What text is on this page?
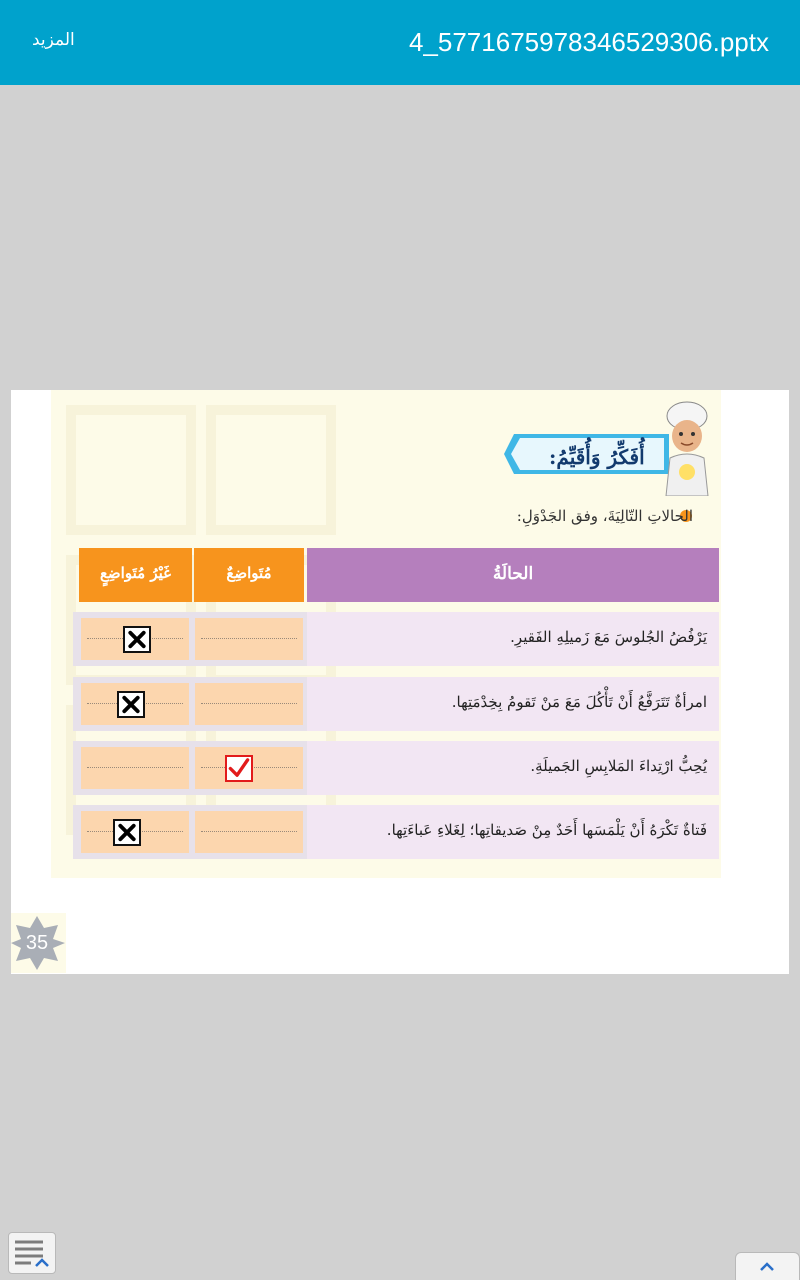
المزيد	4_5771675978346529306.pptx
أُفَكِّرُ وَأُقَيِّمُ:
الحالاتِ التّالِيَةَ، وفق الجَدْوَلِ:
الحالَةُ
مُتَواضِعٌ
غَيْرُ مُتَواضِعٍ
يَرْفُضُ الجُلوسَ مَعَ زَميلِهِ الفَقيرِ.
امرأةٌ تَتَرَفَّعُ أَنْ تَأْكُلَ مَعَ مَنْ تَقومُ بِخِدْمَتِها.
يُحِبُّ ارْتِداءَ المَلابِسِ الجَميلَةِ.
فَتاةٌ تَكْرَهُ أَنْ يَلْمَسَها أَحَدٌ مِنْ صَديقاتِها؛ لِغَلاءِ عَباءَتِها.
35
